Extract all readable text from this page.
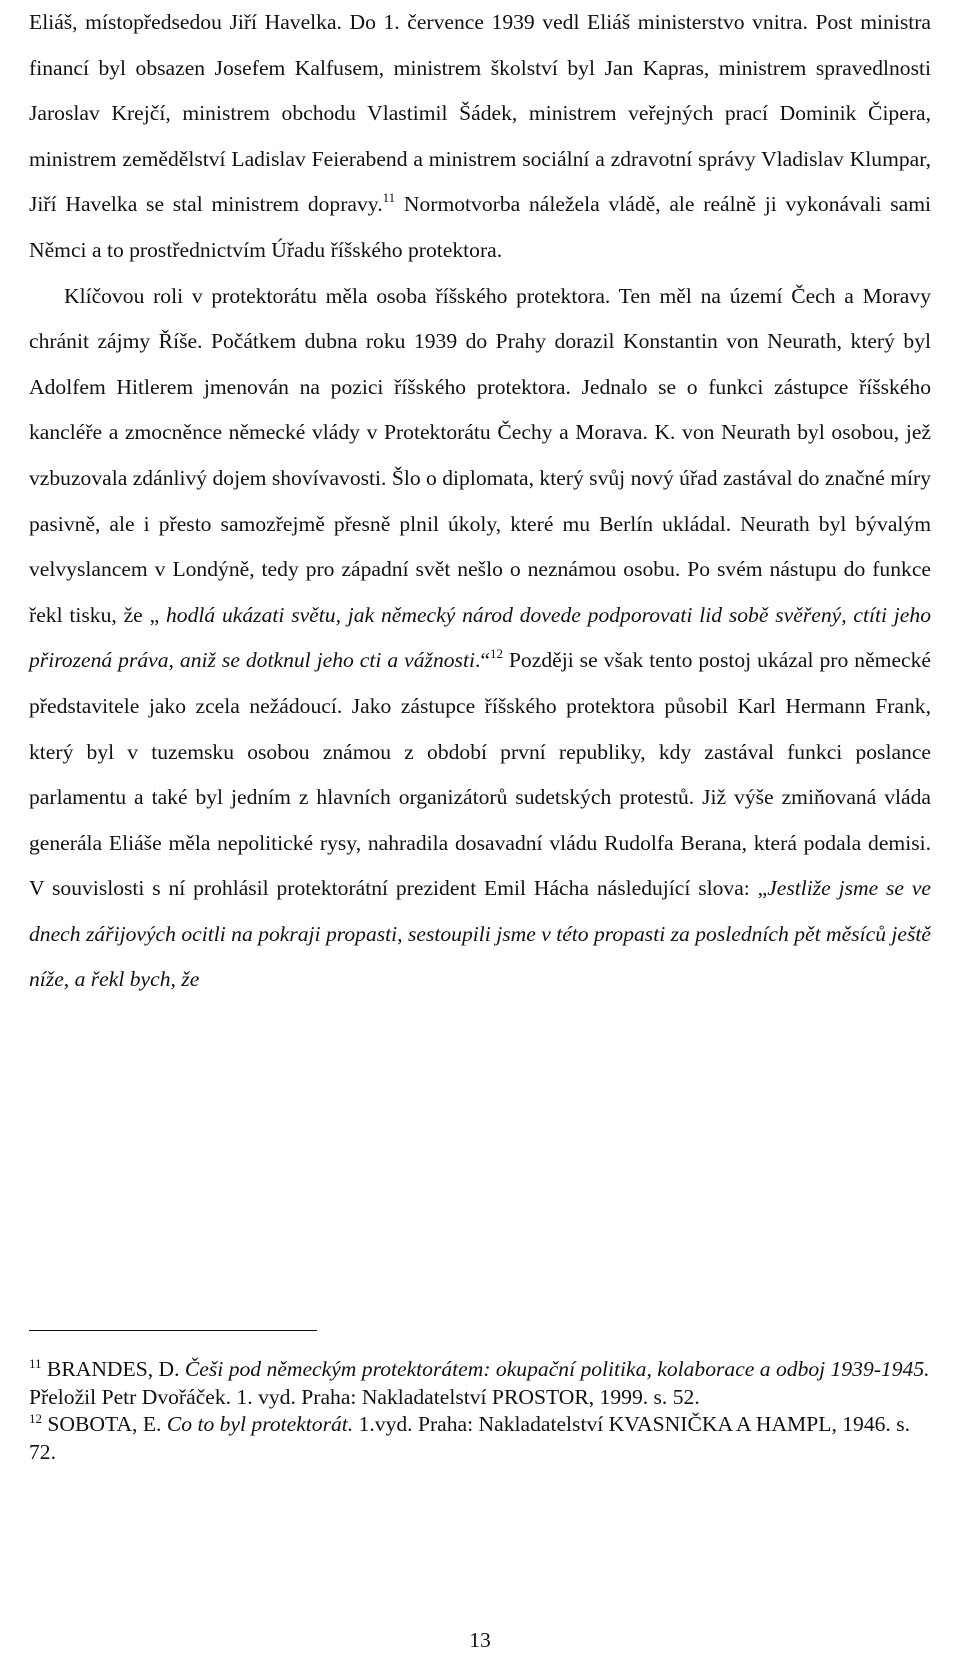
Eliáš, místopředsedou Jiří Havelka. Do 1. července 1939 vedl Eliáš ministerstvo vnitra. Post ministra financí byl obsazen Josefem Kalfusem, ministrem školství byl Jan Kapras, ministrem spravedlnosti Jaroslav Krejčí, ministrem obchodu Vlastimil Šádek, ministrem veřejných prací Dominik Čipera, ministrem zemědělství Ladislav Feierabend a ministrem sociální a zdravotní správy Vladislav Klumpar, Jiří Havelka se stal ministrem dopravy.$^{11}$ Normotvorba náležela vládě, ale reálně ji vykonávali sami Němci a to prostřednictvím Úřadu říšského protektora.

Klíčovou roli v protektorátu měla osoba říšského protektora. Ten měl na území Čech a Moravy chránit zájmy Říše. Počátkem dubna roku 1939 do Prahy dorazil Konstantin von Neurath, který byl Adolfem Hitlerem jmenován na pozici říšského protektora. Jednalo se o funkci zástupce říšského kancléře a zmocněnce německé vlády v Protektorátu Čechy a Morava. K. von Neurath byl osobou, jež vzbuzovala zdánlivý dojem shovívavosti. Šlo o diplomata, který svůj nový úřad zastával do značné míry pasivně, ale i přesto samozřejmě přesně plnil úkoly, které mu Berlín ukládal. Neurath byl bývalým velvyslancem v Londýně, tedy pro západní svět nešlo o neznámou osobu. Po svém nástupu do funkce řekl tisku, že „ hodlá ukázati světu, jak německý národ dovede podporovati lid sobě svěřený, ctíti jeho přirozená práva, aniž se dotknul jeho cti a vážnosti.“$^{12}$ Později se však tento postoj ukázal pro německé představitele jako zcela nežádoucí. Jako zástupce říšského protektora působil Karl Hermann Frank, který byl v tuzemsku osobou známou z období první republiky, kdy zastával funkci poslance parlamentu a také byl jedním z hlavních organizátorů sudetských protestů. Již výše zmiňovaná vláda generála Eliáše měla nepolitické rysy, nahradila dosavadní vládu Rudolfa Berana, která podala demisi. V souvislosti s ní prohlásil protektorátní prezident Emil Hácha následující slova: „Jestliže jsme se ve dnech zářijových ocitli na pokraji propasti, sestoupili jsme v této propasti za posledních pět měsíců ještě níže, a řekl bych, že

$^{11}$ BRANDES, D. Češi pod německým protektorátem: okupační politika, kolaborace a odboj 1939-1945. Přeložil Petr Dvořáček. 1. vyd. Praha: Nakladatelství PROSTOR, 1999. s. 52.

$^{12}$ SOBOTA, E. Co to byl protektorát. 1.vyd. Praha: Nakladatelství KVASNIČKA A HAMPL, 1946. s. 72.

13
